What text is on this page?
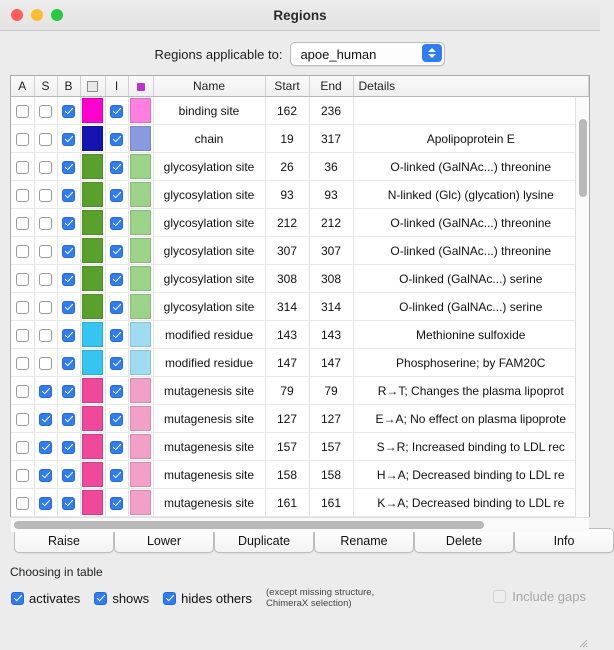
Regions
Regions applicable to: apoe_human
A	S	B		I		Name	Start	End	Details
						binding site	162	236	
						chain	19	317	Apolipoprotein E
						glycosylation site	26	36	O-linked (GalNAc...) threonine
						glycosylation site	93	93	N-linked (Glc) (glycation) lysine
						glycosylation site	212	212	O-linked (GalNAc...) threonine
						glycosylation site	307	307	O-linked (GalNAc...) threonine
						glycosylation site	308	308	O-linked (GalNAc...) serine
						glycosylation site	314	314	O-linked (GalNAc...) serine
						modified residue	143	143	Methionine sulfoxide
						modified residue	147	147	Phosphoserine; by FAM20C
						mutagenesis site	79	79	R→T; Changes the plasma lipoprot
						mutagenesis site	127	127	E→A; No effect on plasma lipoprote
						mutagenesis site	157	157	S→R; Increased binding to LDL rec
						mutagenesis site	158	158	H→A; Decreased binding to LDL re
						mutagenesis site	161	161	K→A; Decreased binding to LDL re
Raise	Lower	Duplicate	Rename	Delete	Info
Choosing in table
activates shows hides others (except missing structure, ChimeraX selection)	Include gaps
